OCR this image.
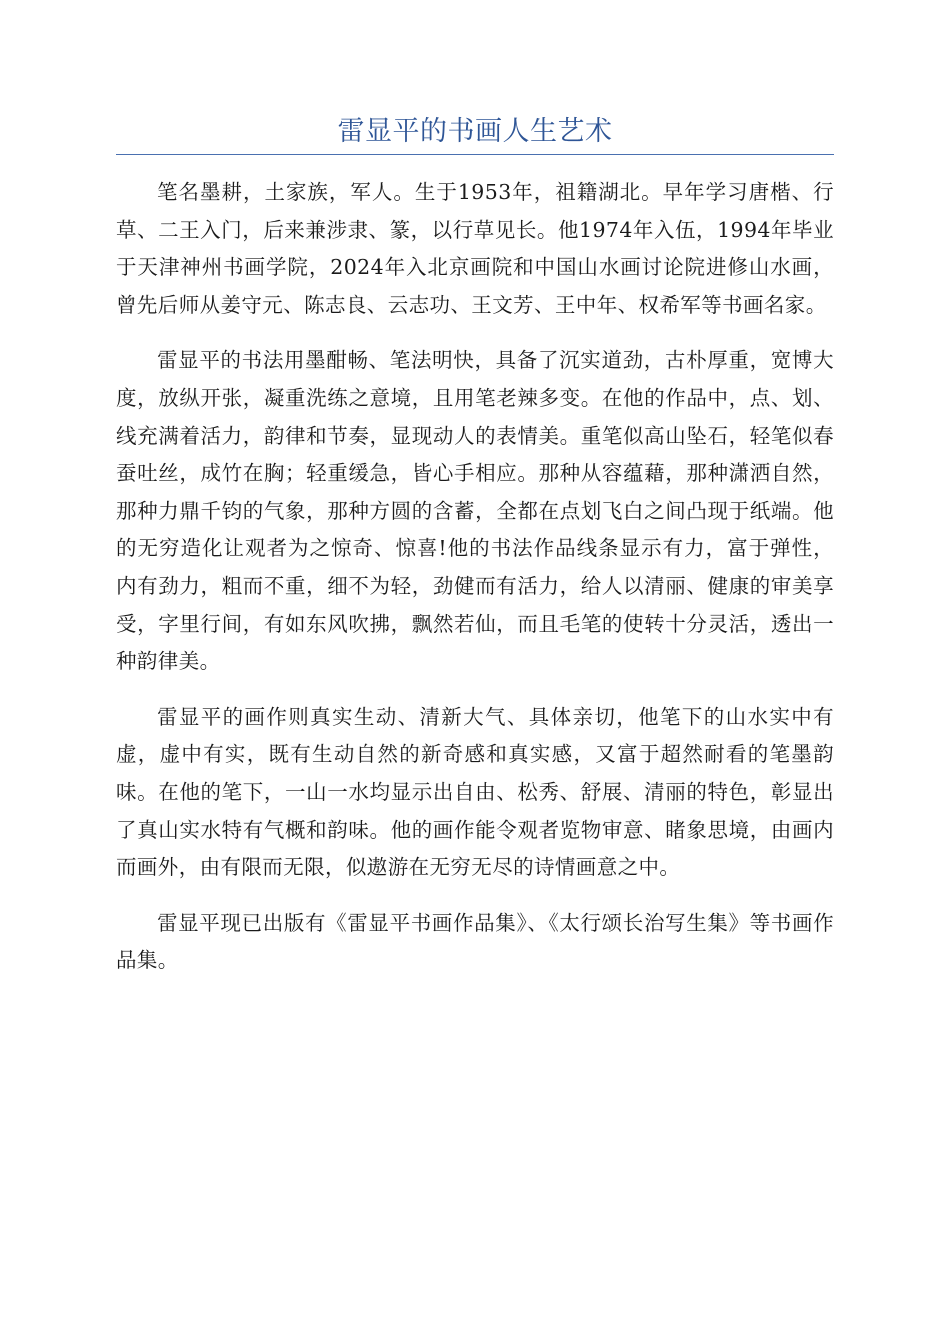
雷显平的书画人生艺术

笔名墨耕，土家族，军人。生于1953年，祖籍湖北。早年学习唐楷、行草、二王入门，后来兼涉隶、篆，以行草见长。他1974年入伍，1994年毕业于天津神州书画学院，2024年入北京画院和中国山水画讨论院进修山水画，曾先后师从姜守元、陈志良、云志功、王文芳、王中年、权希军等书画名家。

雷显平的书法用墨酣畅、笔法明快，具备了沉实道劲，古朴厚重，宽博大度，放纵开张，凝重洗练之意境，且用笔老辣多变。在他的作品中，点、划、线充满着活力，韵律和节奏，显现动人的表情美。重笔似高山坠石，轻笔似春蚕吐丝，成竹在胸；轻重缓急，皆心手相应。那种从容蕴藉，那种潇洒自然，那种力鼎千钧的气象，那种方圆的含蓄，全都在点划飞白之间凸现于纸端。他的无穷造化让观者为之惊奇、惊喜!他的书法作品线条显示有力，富于弹性，内有劲力，粗而不重，细不为轻，劲健而有活力，给人以清丽、健康的审美享受，字里行间，有如东风吹拂，飘然若仙，而且毛笔的使转十分灵活，透出一种韵律美。

雷显平的画作则真实生动、清新大气、具体亲切，他笔下的山水实中有虚，虚中有实，既有生动自然的新奇感和真实感，又富于超然耐看的笔墨韵味。在他的笔下，一山一水均显示出自由、松秀、舒展、清丽的特色，彰显出了真山实水特有气概和韵味。他的画作能令观者览物审意、睹象思境，由画内而画外，由有限而无限，似遨游在无穷无尽的诗情画意之中。

雷显平现已出版有《雷显平书画作品集》、《太行颂长治写生集》等书画作品集。
